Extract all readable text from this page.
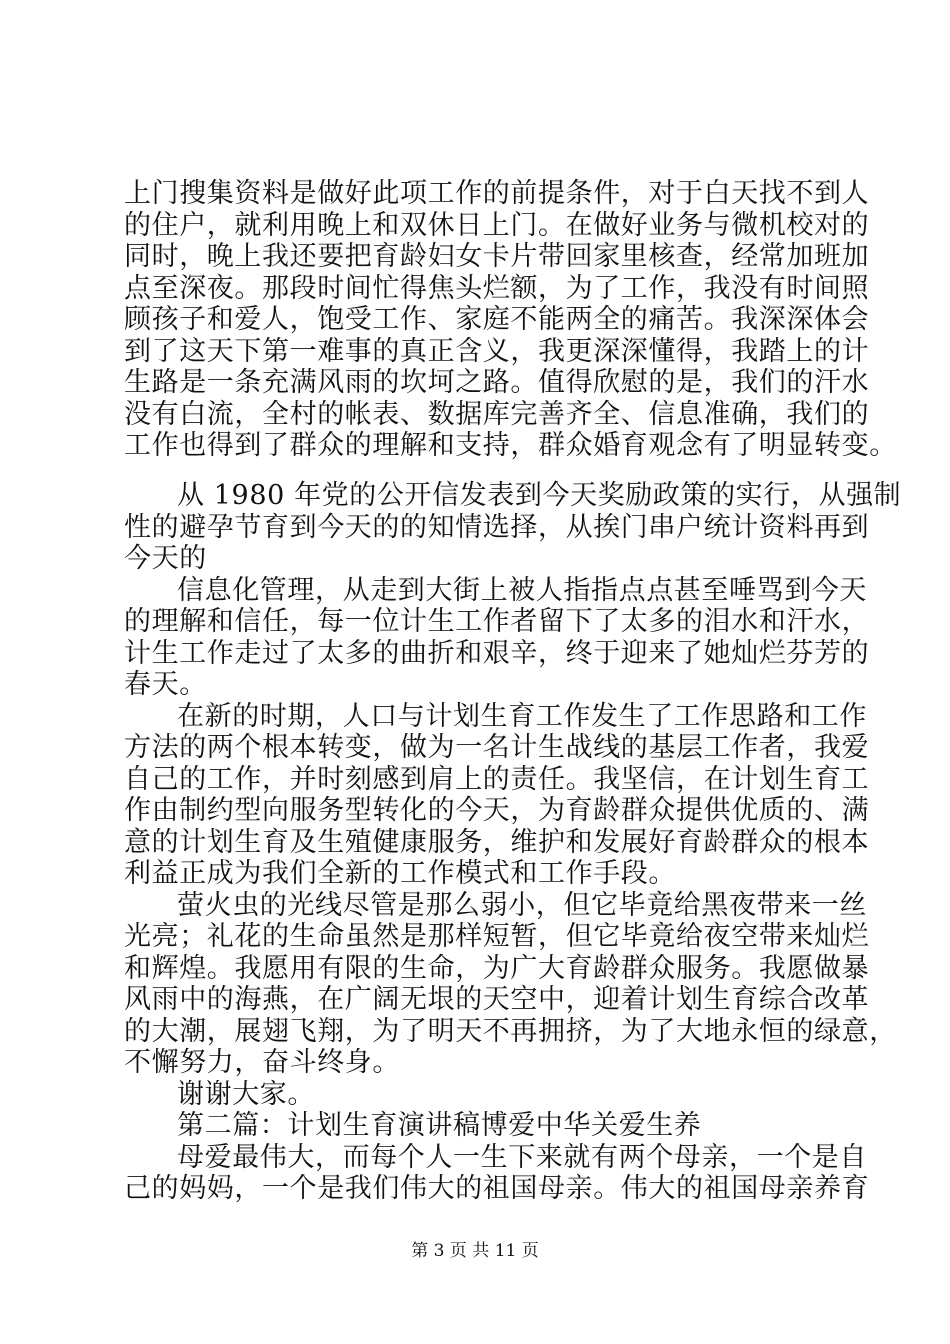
上门搜集资料是做好此项工作的前提条件，对于白天找不到人
的住户，就利用晚上和双休日上门。在做好业务与微机校对的
同时，晚上我还要把育龄妇女卡片带回家里核查，经常加班加
点至深夜。那段时间忙得焦头烂额，为了工作，我没有时间照
顾孩子和爱人，饱受工作、家庭不能两全的痛苦。我深深体会
到了这天下第一难事的真正含义，我更深深懂得，我踏上的计
生路是一条充满风雨的坎坷之路。值得欣慰的是，我们的汗水
没有白流，全村的帐表、数据库完善齐全、信息准确，我们的
工作也得到了群众的理解和支持，群众婚育观念有了明显转变。
从 1980 年党的公开信发表到今天奖励政策的实行，从强制
性的避孕节育到今天的的知情选择，从挨门串户统计资料再到
今天的
信息化管理，从走到大街上被人指指点点甚至唾骂到今天
的理解和信任，每一位计生工作者留下了太多的泪水和汗水，
计生工作走过了太多的曲折和艰辛，终于迎来了她灿烂芬芳的
春天。
在新的时期，人口与计划生育工作发生了工作思路和工作
方法的两个根本转变，做为一名计生战线的基层工作者，我爱
自己的工作，并时刻感到肩上的责任。我坚信，在计划生育工
作由制约型向服务型转化的今天，为育龄群众提供优质的、满
意的计划生育及生殖健康服务，维护和发展好育龄群众的根本
利益正成为我们全新的工作模式和工作手段。
萤火虫的光线尽管是那么弱小，但它毕竟给黑夜带来一丝
光亮；礼花的生命虽然是那样短暂，但它毕竟给夜空带来灿烂
和辉煌。我愿用有限的生命，为广大育龄群众服务。我愿做暴
风雨中的海燕，在广阔无垠的天空中，迎着计划生育综合改革
的大潮，展翅飞翔，为了明天不再拥挤，为了大地永恒的绿意，
不懈努力，奋斗终身。
谢谢大家。
第二篇：计划生育演讲稿博爱中华关爱生养
母爱最伟大，而每个人一生下来就有两个母亲，一个是自
己的妈妈，一个是我们伟大的祖国母亲。伟大的祖国母亲养育
第 3 页 共 11 页
